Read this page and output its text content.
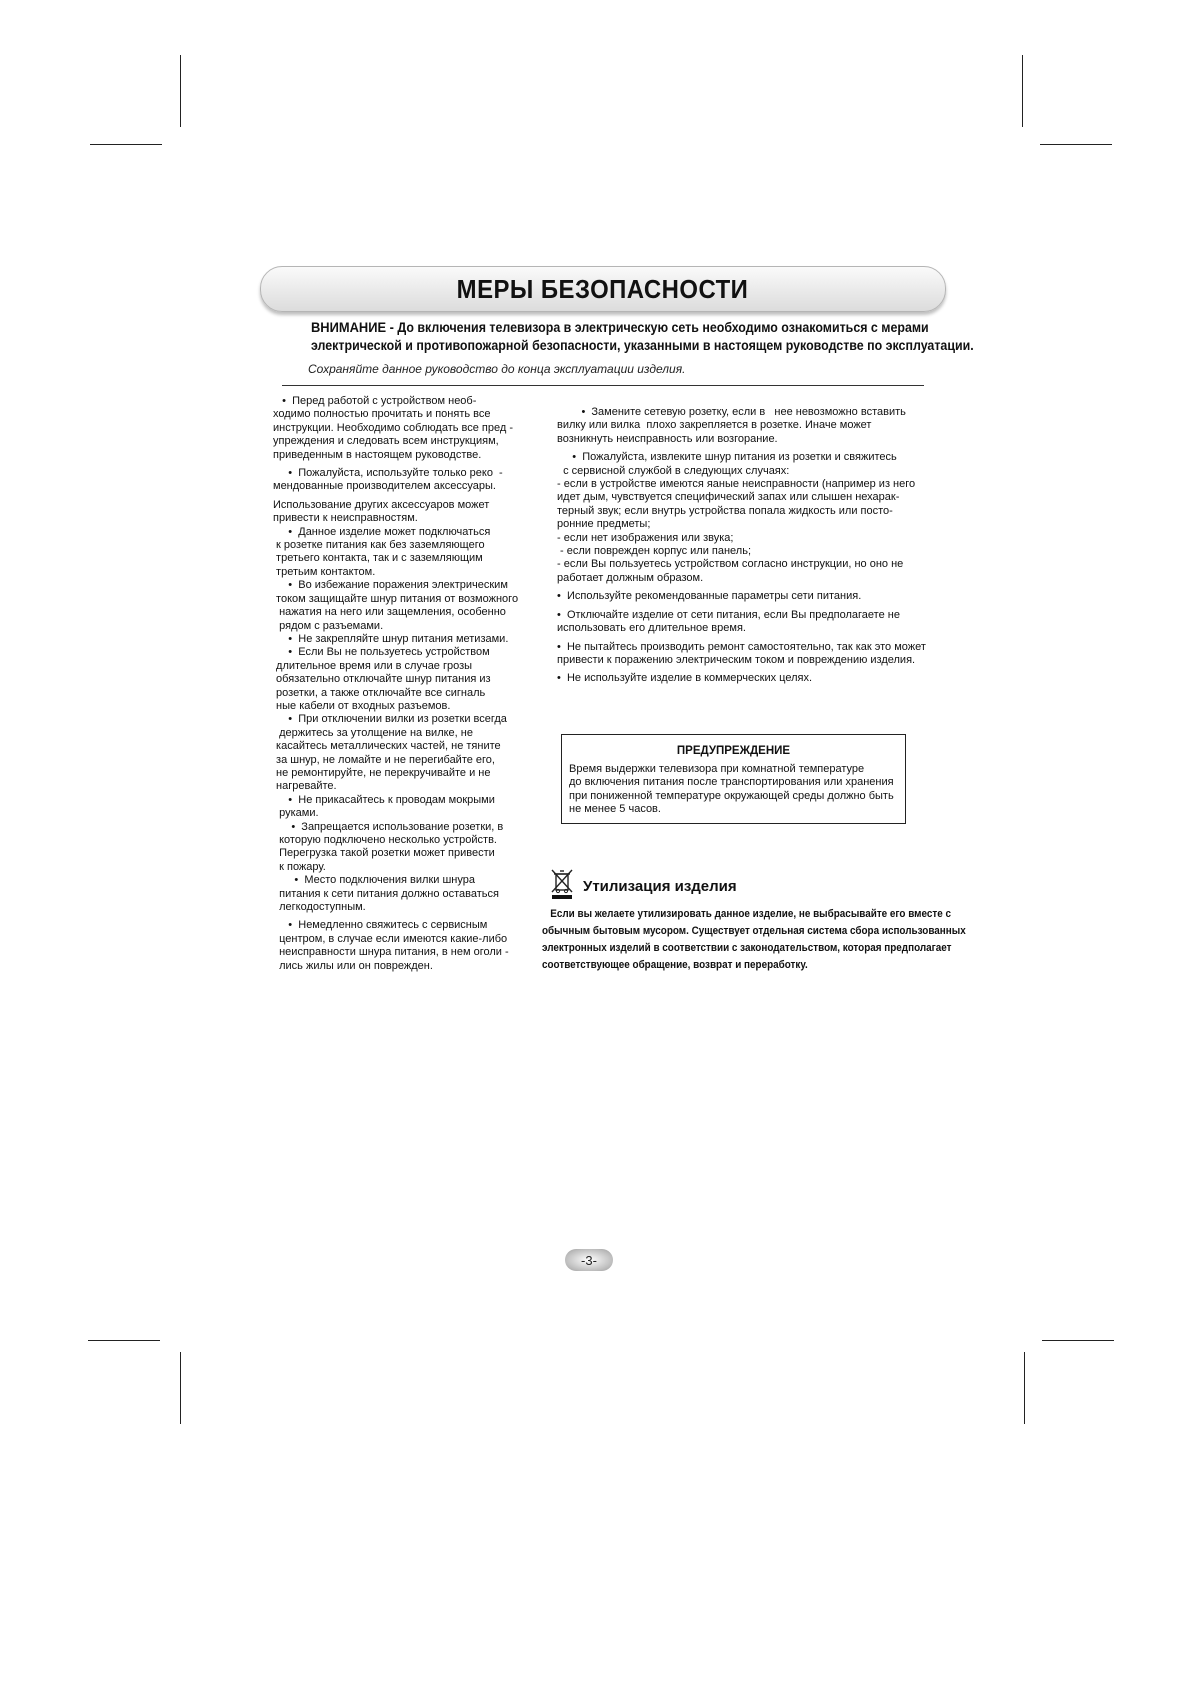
МЕРЫ БЕЗОПАСНОСТИ
ВНИМАНИЕ - До включения телевизора в электрическую сеть необходимо ознакомиться с мерами
электрической и противопожарной безопасности, указанными в настоящем руководстве по эксплуатации.
Сохраняйте данное руководство до конца эксплуатации изделия.

•  Перед работой с устройством необ-

ходимо полностью прочитать и понять все

инструкции. Необходимо соблюдать все пред -

упреждения и следовать всем инструкциям,

приведенным в настоящем руководстве.

•  Пожалуйста, используйте только реко  -

мендованные производителем аксессуары.

Использование других аксессуаров может

привести к неисправностям.

•  Данное изделие может подключаться

к розетке питания как без заземляющего

третьего контакта, так и с заземляющим

третьим контактом.

•  Во избежание поражения электрическим

током защищайте шнур питания от возможного

нажатия на него или защемления, особенно

рядом с разъемами.

•  Не закрепляйте шнур питания метизами.

•  Если Вы не пользуетесь устройством

длительное время или в случае грозы

обязательно отключайте шнур питания из

розетки, а также отключайте все сигналь

ные кабели от входных разъемов.

•  При отключении вилки из розетки всегда

держитесь за утолщение на вилке, не

касайтесь металлических частей, не тяните

за шнур, не ломайте и не перегибайте его,

не ремонтируйте, не перекручивайте и не

нагревайте.

•  Не прикасайтесь к проводам мокрыми

руками.

•  Запрещается использование розетки, в

которую подключено несколько устройств.

Перегрузка такой розетки может привести

к пожару.

•  Место подключения вилки шнура

питания к сети питания должно оставаться

легкодоступным.

•  Немедленно свяжитесь с сервисным

центром, в случае если имеются какие-либо

неисправности шнура питания, в нем оголи -

лись жилы или он поврежден.

•  Замените сетевую розетку, если в   нее невозможно вставить

вилку или вилка  плохо закрепляется в розетке. Иначе может

возникнуть неисправность или возгорание.

•  Пожалуйста, извлеките шнур питания из розетки и свяжитесь

с сервисной службой в следующих случаях:

- если в устройстве имеются яаные неисправности (например из него

идет дым, чувствуется специфический запах или слышен нехарак-

терный звук; если внутрь устройства попала жидкость или посто-

ронние предметы;

- если нет изображения или звука;

- если поврежден корпус или панель;

- если Вы пользуетесь устройством согласно инструкции, но оно не

работает должным образом.

•  Используйте рекомендованные параметры сети питания.

•  Отключайте изделие от сети питания, если Вы предполагаете не

использовать его длительное время.

•  Не пытайтесь производить ремонт самостоятельно, так как это может

привести к поражению электрическим током и повреждению изделия.

•  Не используйте изделие в коммерческих целях.

ПРЕДУПРЕЖДЕНИЕ

Время выдержки телевизора при комнатной температуре

до включения питания после транспортирования или хранения

при пониженной температуре окружающей среды должно быть

не менее 5 часов.

Утилизация изделия

Если вы желаете утилизировать данное изделие, не выбрасывайте его вместе с

обычным бытовым мусором. Существует отдельная система сбора использованных

электронных изделий в соответствии с законодательством, которая предполагает

соответствующее обращение, возврат и переработку.

-3-
